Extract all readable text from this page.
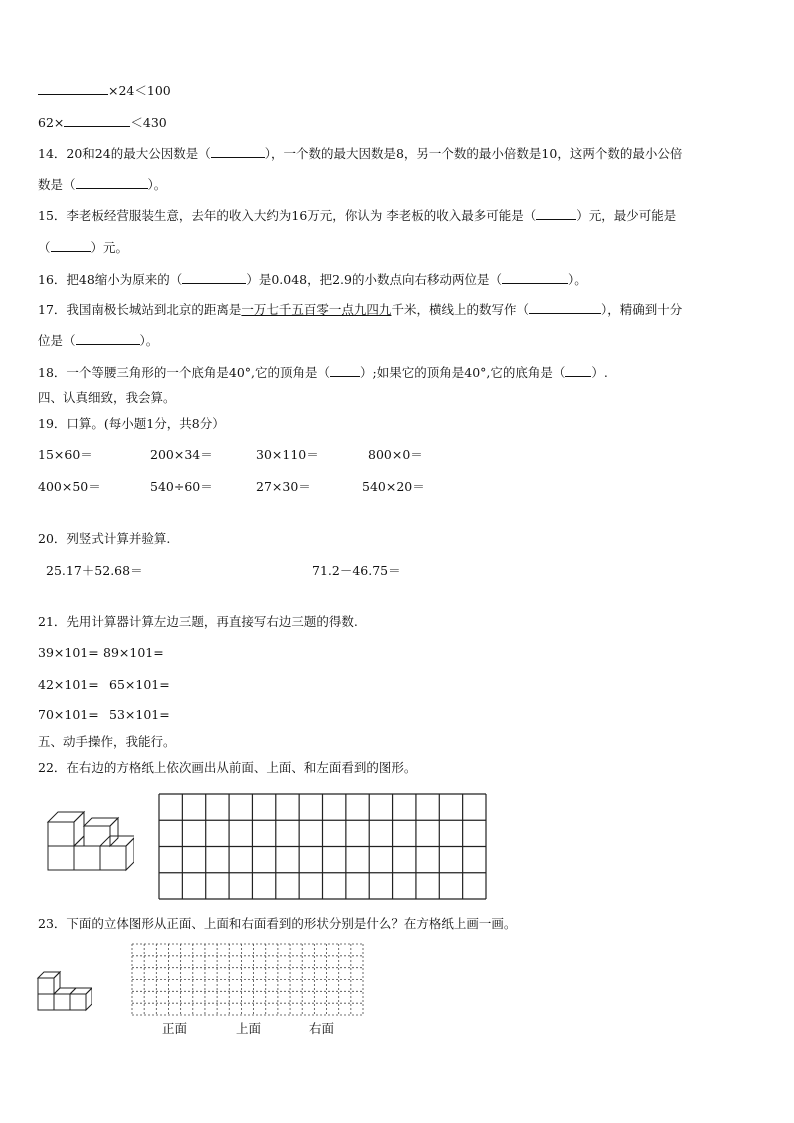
×24＜100
62×	＜430
14．20和24的最大公因数是（	），一个数的最大因数是8，另一个数的最小倍数是10，这两个数的最小公倍
数是（	）。
15．李老板经营服装生意，去年的收入大约为16万元，你认为 李老板的收入最多可能是（	）元，最少可能是
（	）元。
16．把48缩小为原来的（	）是0.048，把2.9的小数点向右移动两位是（	）。
17．我国南极长城站到北京的距离是一万七千五百零一点九四九千米，横线上的数写作（	），精确到十分
位是（	）。
18．一个等腰三角形的一个底角是40°,它的顶角是（ ）;如果它的顶角是40°,它的底角是（ ）.
四、认真细致，我会算。
19．口算。(每小题1分，共8分）
15×60＝	200×34＝	30×110＝	800×0＝
400×50＝	540÷60＝	27×30＝	540×20＝
20．列竖式计算并验算.
25.17＋52.68＝	71.2－46.75＝
21．先用计算器计算左边三题，再直接写右边三题的得数.
39×101= 89×101=
42×101= 65×101=
70×101= 53×101=
五、动手操作，我能行。
22．在右边的方格纸上依次画出从前面、上面、和左面看到的图形。
23．下面的立体图形从正面、上面和右面看到的形状分别是什么？在方格纸上画一画。
正面	上面	右面
